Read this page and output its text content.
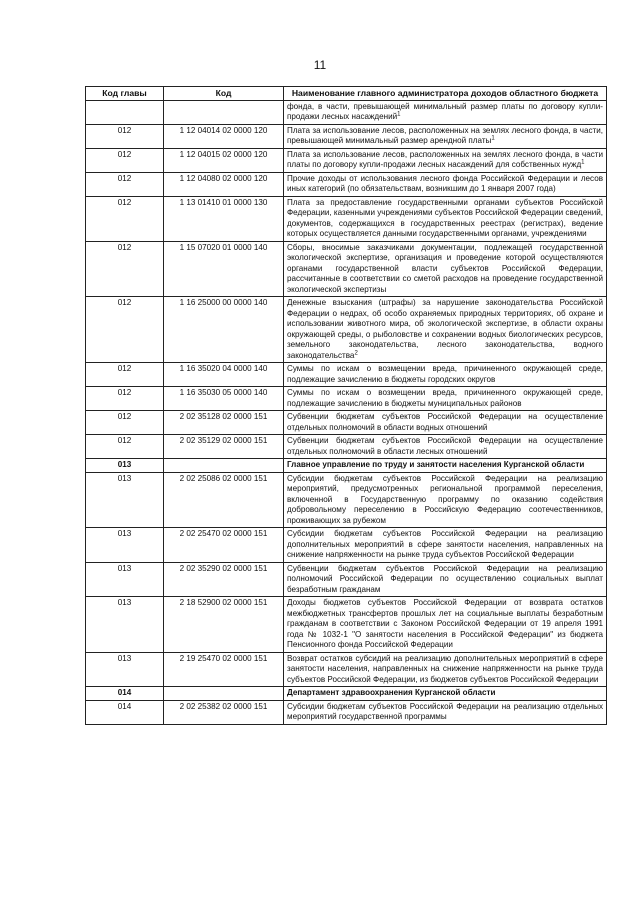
11
Код главы	Код	Наименование главного администратора доходов областного бюджета
		фонда, в части, превышающей минимальный размер платы по договору купли-продажи лесных насаждений$^1$
012	1 12 04014 02 0000 120	Плата за использование лесов, расположенных на землях лесного фонда, в части, превышающей минимальный размер арендной платы$^1$
012	1 12 04015 02 0000 120	Плата за использование лесов, расположенных на землях лесного фонда, в части платы по договору купли-продажи лесных насаждений для собственных нужд$^1$
012	1 12 04080 02 0000 120	Прочие доходы от использования лесного фонда Российской Федерации и лесов иных категорий (по обязательствам, возникшим до 1 января 2007 года)
012	1 13 01410 01 0000 130	Плата за предоставление государственными органами субъектов Российской Федерации, казенными учреждениями субъектов Российской Федерации сведений, документов, содержащихся в государственных реестрах (регистрах), ведение которых осуществляется данными государственными органами, учреждениями
012	1 15 07020 01 0000 140	Сборы, вносимые заказчиками документации, подлежащей государственной экологической экспертизе, организация и проведение которой осуществляются органами государственной власти субъектов Российской Федерации, рассчитанные в соответствии со сметой расходов на проведение государственной экологической экспертизы
012	1 16 25000 00 0000 140	Денежные взыскания (штрафы) за нарушение законодательства Российской Федерации о недрах, об особо охраняемых природных территориях, об охране и использовании животного мира, об экологической экспертизе, в области охраны окружающей среды, о рыболовстве и сохранении водных биологических ресурсов, земельного законодательства, лесного законодательства, водного законодательства$^2$
012	1 16 35020 04 0000 140	Суммы по искам о возмещении вреда, причиненного окружающей среде, подлежащие зачислению в бюджеты городских округов
012	1 16 35030 05 0000 140	Суммы по искам о возмещении вреда, причиненного окружающей среде, подлежащие зачислению в бюджеты муниципальных районов
012	2 02 35128 02 0000 151	Субвенции бюджетам субъектов Российской Федерации на осуществление отдельных полномочий в области водных отношений
012	2 02 35129 02 0000 151	Субвенции бюджетам субъектов Российской Федерации на осуществление отдельных полномочий в области лесных отношений
013		Главное управление по труду и занятости населения Курганской области
013	2 02 25086 02 0000 151	Субсидии бюджетам субъектов Российской Федерации на реализацию мероприятий, предусмотренных региональной программой переселения, включенной в Государственную программу по оказанию содействия добровольному переселению в Российскую Федерацию соотечественников, проживающих за рубежом
013	2 02 25470 02 0000 151	Субсидии бюджетам субъектов Российской Федерации на реализацию дополнительных мероприятий в сфере занятости населения, направленных на снижение напряженности на рынке труда субъектов Российской Федерации
013	2 02 35290 02 0000 151	Субвенции бюджетам субъектов Российской Федерации на реализацию полномочий Российской Федерации по осуществлению социальных выплат безработным гражданам
013	2 18 52900 02 0000 151	Доходы бюджетов субъектов Российской Федерации от возврата остатков межбюджетных трансфертов прошлых лет на социальные выплаты безработным гражданам в соответствии с Законом Российской Федерации от 19 апреля 1991 года № 1032-1 "О занятости населения в Российской Федерации" из бюджета Пенсионного фонда Российской Федерации
013	2 19 25470 02 0000 151	Возврат остатков субсидий на реализацию дополнительных мероприятий в сфере занятости населения, направленных на снижение напряженности на рынке труда субъектов Российской Федерации, из бюджетов субъектов Российской Федерации
014		Департамент здравоохранения Курганской области
014	2 02 25382 02 0000 151	Субсидии бюджетам субъектов Российской Федерации на реализацию отдельных мероприятий государственной программы
